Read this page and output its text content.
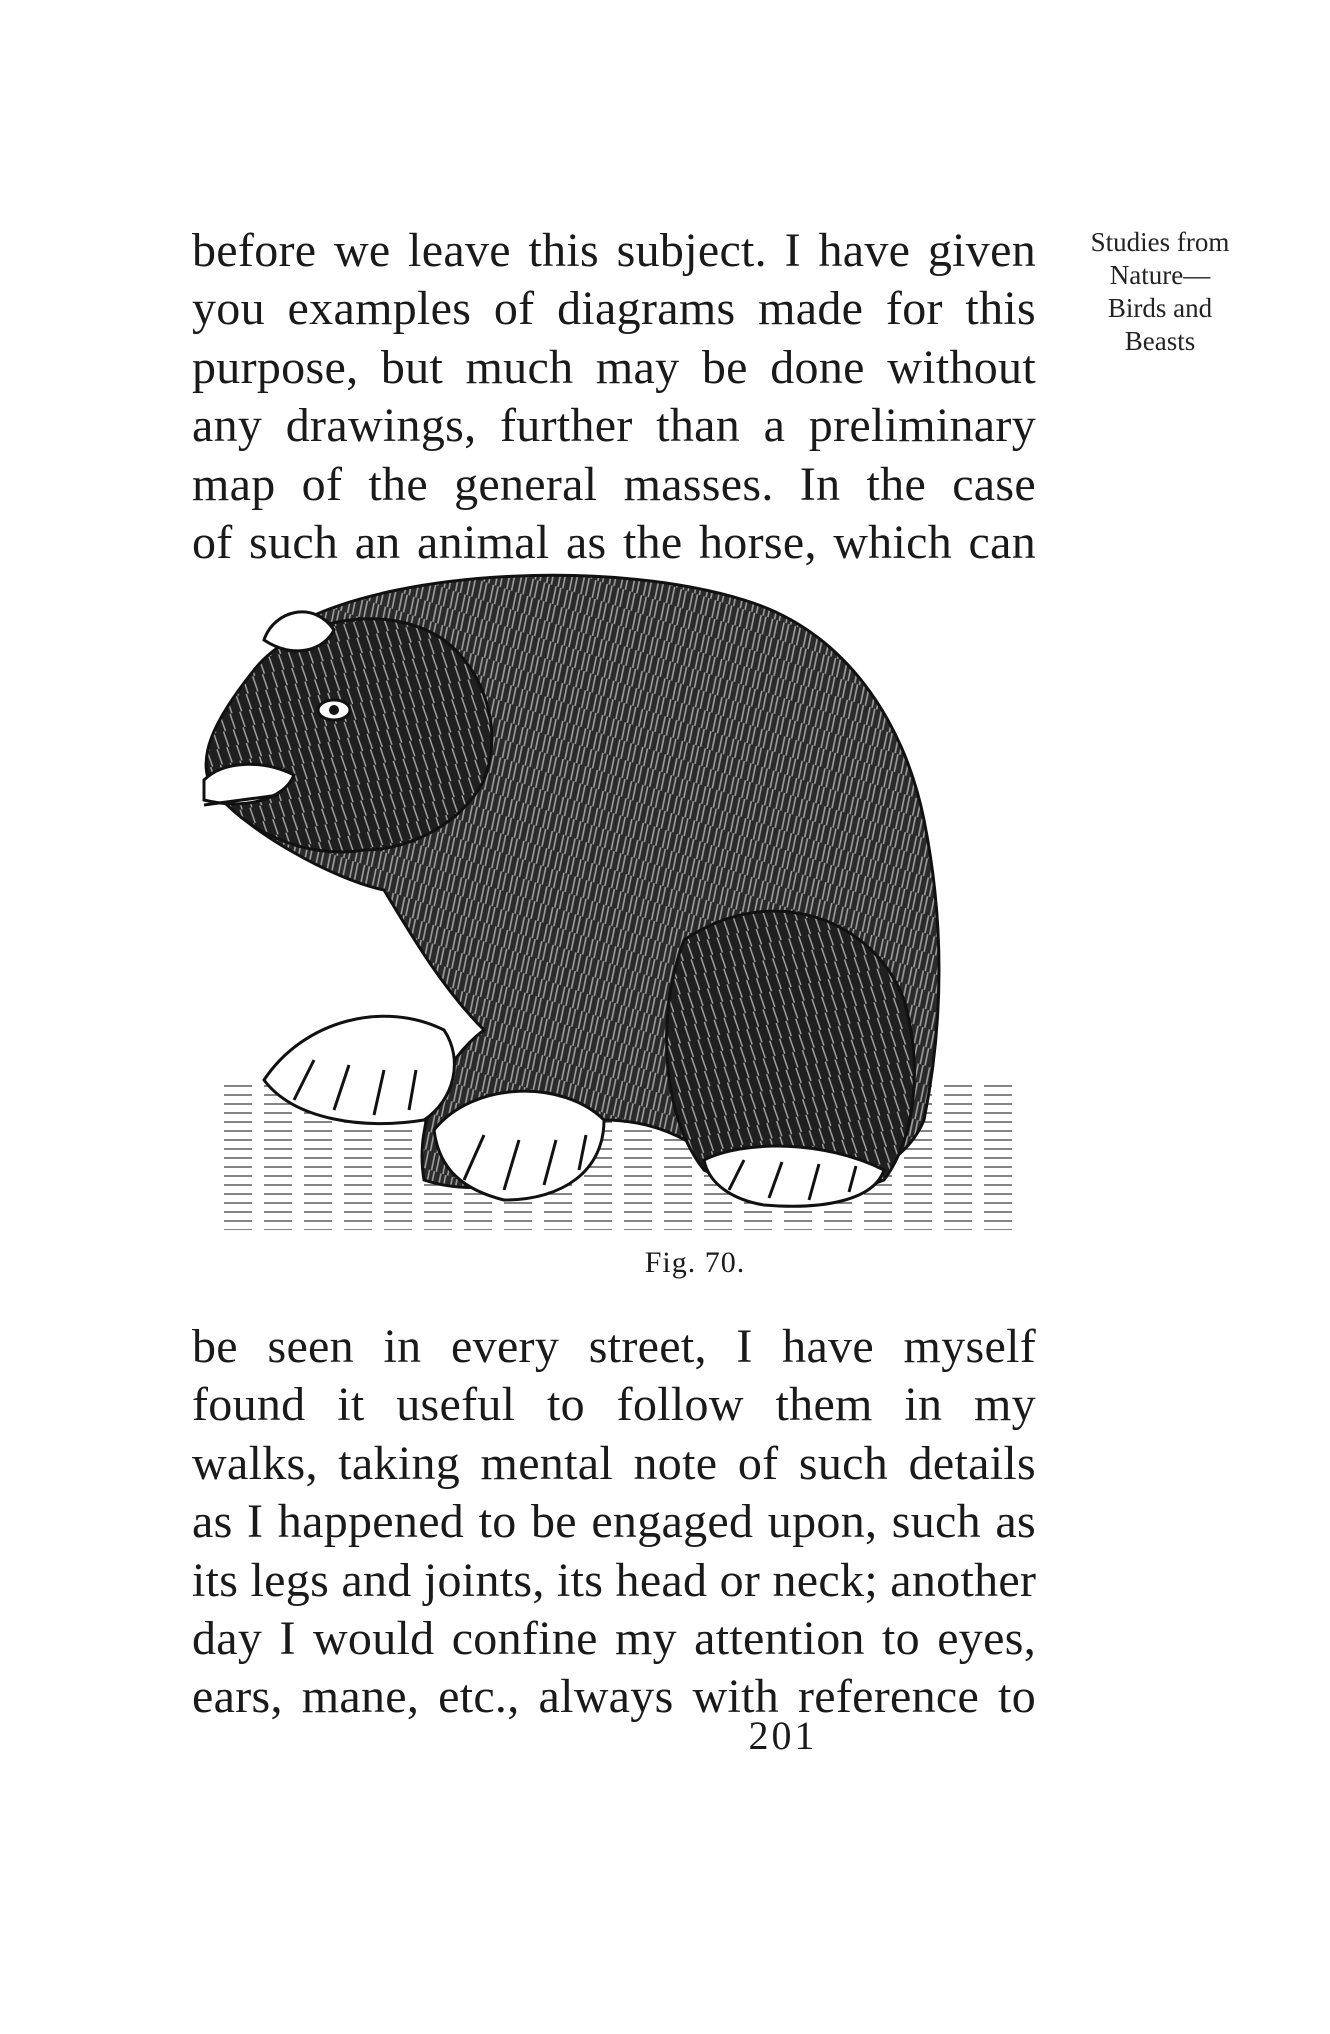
before we leave this subject. I have given
you examples of diagrams made for this
purpose, but much may be done without
any drawings, further than a preliminary
map of the general masses. In the case
of such an animal as the horse, which can
Studies from
Nature—
Birds and
Beasts
Fig. 70.
be seen in every street, I have myself
found it useful to follow them in my
walks, taking mental note of such details
as I happened to be engaged upon, such as
its legs and joints, its head or neck; another
day I would confine my attention to eyes,
ears, mane, etc., always with reference to
201
